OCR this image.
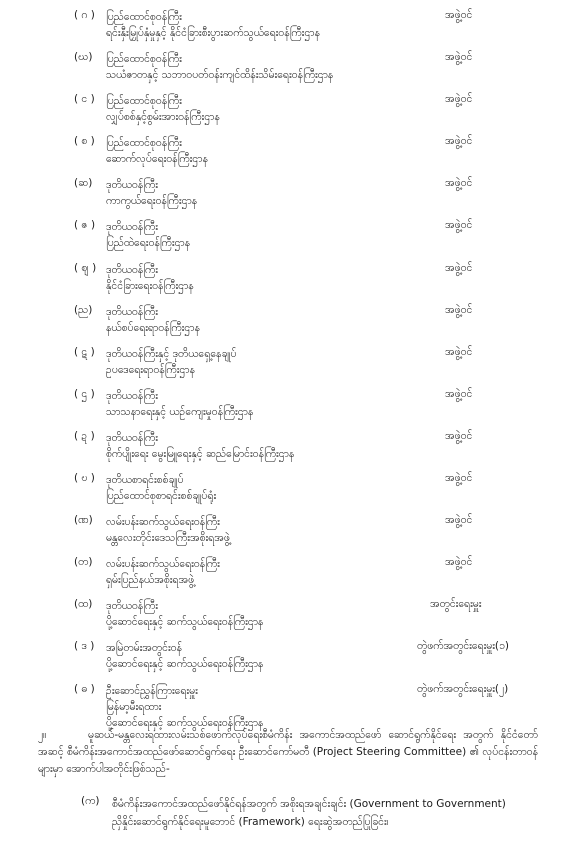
( ဂ ) ပြည်ထောင်စုဝန်ကြီး
ရင်းနှီးမြှုပ်နှံမှုနှင့် နိုင်ငံခြားစီးပွားဆက်သွယ်ရေးဝန်ကြီးဌာန
အဖွဲ့ဝင်
(ဃ) ပြည်ထောင်စုဝန်ကြီး
သယံဇာတနှင့် သဘာဝပတ်ဝန်းကျင်ထိန်းသိမ်းရေးဝန်ကြီးဌာန
အဖွဲ့ဝင်
( င ) ပြည်ထောင်စုဝန်ကြီး
လျှပ်စစ်နှင့်စွမ်းအားဝန်ကြီးဌာန
အဖွဲ့ဝင်
( စ ) ပြည်ထောင်စုဝန်ကြီး
ဆောက်လုပ်ရေးဝန်ကြီးဌာန
အဖွဲ့ဝင်
(ဆ) ဒုတိယဝန်ကြီး
ကာကွယ်ရေးဝန်ကြီးဌာန
အဖွဲ့ဝင်
( ဇ ) ဒုတိယဝန်ကြီး
ပြည်ထဲရေးဝန်ကြီးဌာန
အဖွဲ့ဝင်
( ဈ ) ဒုတိယဝန်ကြီး
နိုင်ငံခြားရေးဝန်ကြီးဌာန
အဖွဲ့ဝင်
(ည) ဒုတိယဝန်ကြီး
နယ်စပ်ရေးရာဝန်ကြီးဌာန
အဖွဲ့ဝင်
( ဋ ) ဒုတိယဝန်ကြီးနှင့် ဒုတိယရှေ့နေချုပ်
ဥပဒေရေးရာဝန်ကြီးဌာန
အဖွဲ့ဝင်
( ဌ ) ဒုတိယဝန်ကြီး
သာသနာရေးနှင့် ယဉ်ကျေးမှုဝန်ကြီးဌာန
အဖွဲ့ဝင်
( ဍ ) ဒုတိယဝန်ကြီး
စိုက်ပျိုးရေး မွေးမြူရေးနှင့် ဆည်မြောင်းဝန်ကြီးဌာန
အဖွဲ့ဝင်
( ဎ ) ဒုတိယစာရင်းစစ်ချုပ်
ပြည်ထောင်စုစာရင်းစစ်ချုပ်ရုံး
အဖွဲ့ဝင်
(ဏ) လမ်းပန်းဆက်သွယ်ရေးဝန်ကြီး
မန္တလေးတိုင်းဒေသကြီးအစိုးရအဖွဲ့
အဖွဲ့ဝင်
(တ) လမ်းပန်းဆက်သွယ်ရေးဝန်ကြီး
ရှမ်းပြည်နယ်အစိုးရအဖွဲ့
အဖွဲ့ဝင်
(ထ) ဒုတိယဝန်ကြီး
ပို့ဆောင်ရေးနှင့် ဆက်သွယ်ရေးဝန်ကြီးဌာန
အတွင်းရေးမှူး
( ဒ ) အမြဲတမ်းအတွင်းဝန်
ပို့ဆောင်ရေးနှင့် ဆက်သွယ်ရေးဝန်ကြီးဌာန
တွဲဖက်အတွင်းရေးမှူး(၁)
( ဓ ) ဦးဆောင်ညွှန်ကြားရေးမှူး
မြန်မာ့မီးရထား
ပို့ဆောင်ရေးနှင့် ဆက်သွယ်ရေးဝန်ကြီးဌာန
တွဲဖက်အတွင်းရေးမှူး(၂)
၂။	မူဆယ်-မန္တလေးရထားလမ်းသစ်ဖောက်လုပ်ရေးစီမံကိန်း အကောင်အထည်ဖော် ဆောင်ရွက်နိုင်ရေး အတွက် နိုင်ငံတော်အဆင့် စီမံကိန်းအကောင်အထည်ဖော်ဆောင်ရွက်ရေး ဦးဆောင်ကော်မတီ (Project Steering Committee) ၏ လုပ်ငန်းတာဝန်များမှာ အောက်ပါအတိုင်းဖြစ်သည်-
(က) စီမံကိန်းအကောင်အထည်ဖော်နိုင်ရန်အတွက် အစိုးရအချင်းချင်း (Government to Government)
ညှိနှိုင်းဆောင်ရွက်နိုင်ရေးမူဘောင် (Framework) ရေးဆွဲအတည်ပြုခြင်း၊
